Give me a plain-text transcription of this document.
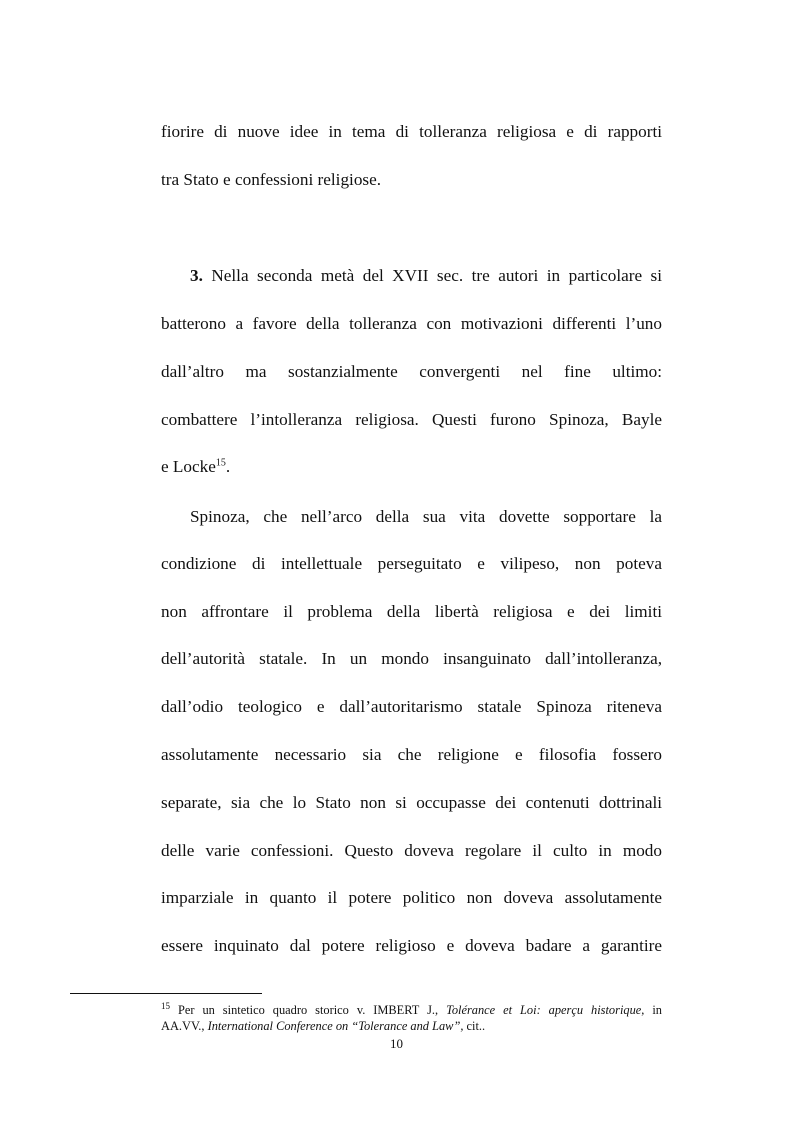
fiorire di nuove idee in tema di tolleranza religiosa e di rapporti
tra Stato e confessioni religiose.
3. Nella seconda metà del XVII sec. tre autori in particolare si
batterono a favore della tolleranza con motivazioni differenti l’uno
dall’altro ma sostanzialmente convergenti nel fine ultimo:
combattere l’intolleranza religiosa. Questi furono Spinoza, Bayle
e Locke$^{15}$.
Spinoza, che nell’arco della sua vita dovette sopportare la
condizione di intellettuale perseguitato e vilipeso, non poteva
non affrontare il problema della libertà religiosa e dei limiti
dell’autorità statale. In un mondo insanguinato dall’intolleranza,
dall’odio teologico e dall’autoritarismo statale Spinoza riteneva
assolutamente necessario sia che religione e filosofia fossero
separate, sia che lo Stato non si occupasse dei contenuti dottrinali
delle varie confessioni. Questo doveva regolare il culto in modo
imparziale in quanto il potere politico non doveva assolutamente
essere inquinato dal potere religioso e doveva badare a garantire
$^{15}$ Per un sintetico quadro storico v. IMBERT J., Tolérance et Loi: aperçu historique, in
AA.VV., International Conference on “Tolerance and Law”, cit..
10
